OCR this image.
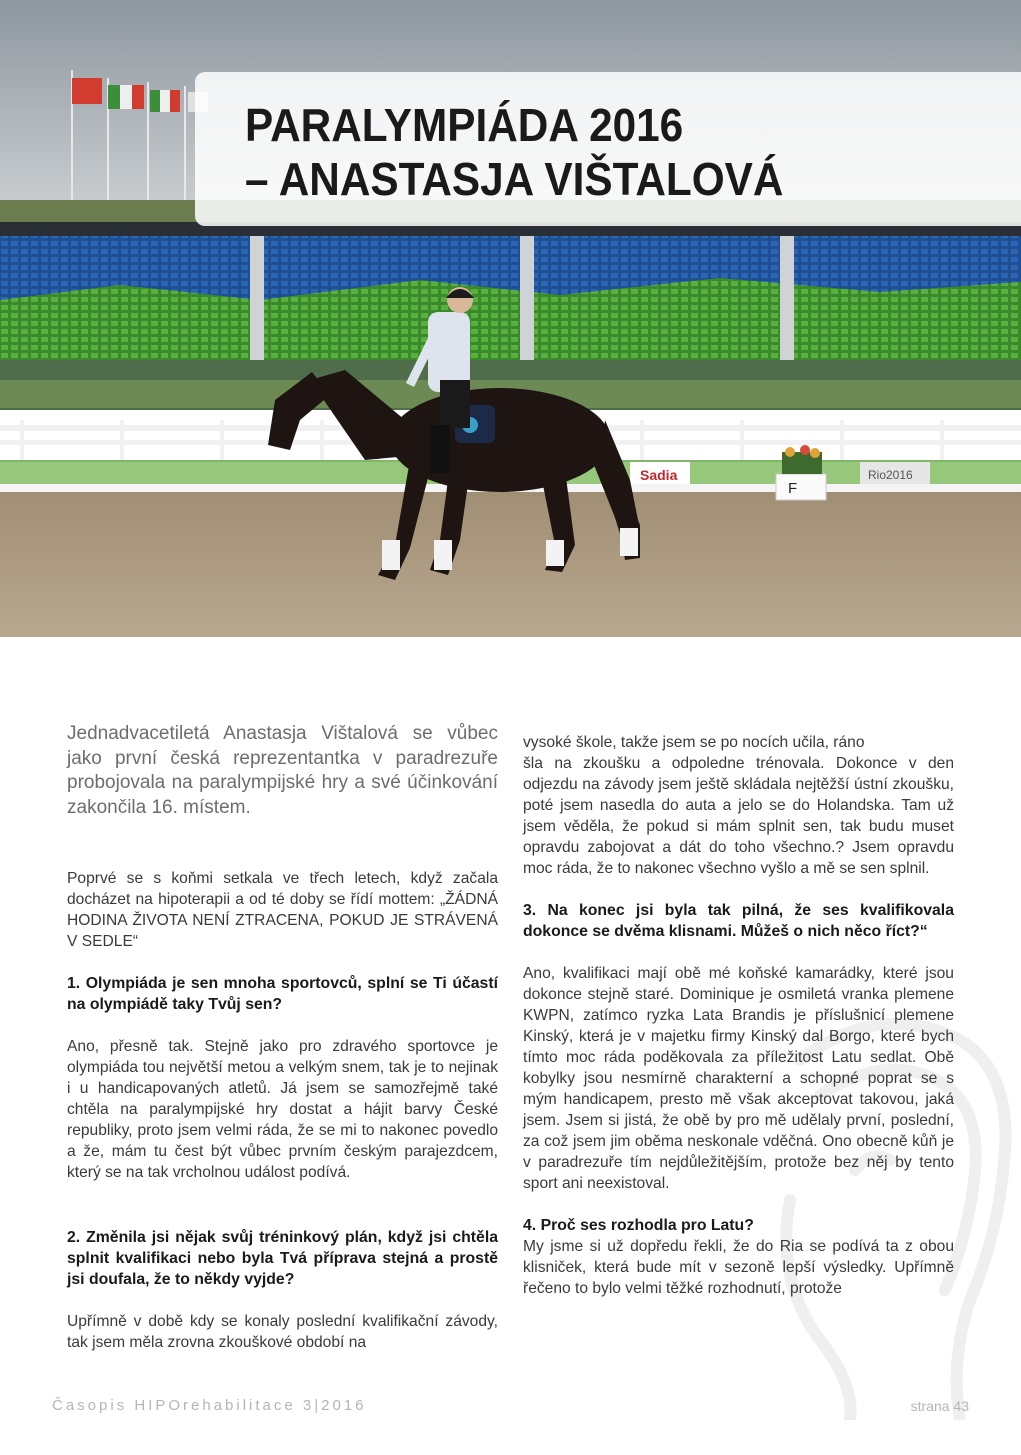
Sadia	Rio2016
F
PARALYMPIÁDA 2016
– ANASTASJA VIŠTALOVÁ

Jednadvacetiletá Anastasja Vištalová se vůbec jako první česká reprezentantka v paradrezuře probojovala na paralympijské hry a své účinkování zakončila 16. místem.

Poprvé se s koňmi setkala ve třech letech, když začala docházet na hipoterapii a od té doby se řídí mottem: „ŽÁDNÁ HODINA ŽIVOTA NENÍ ZTRACENA, POKUD JE STRÁVENÁ V SEDLE“

1. Olympiáda je sen mnoha sportovců, splní se Ti účastí na olympiádě taky Tvůj sen?

Ano, přesně tak. Stejně jako pro zdravého sportovce je olympiáda tou největší metou a velkým snem, tak je to nejinak i u handicapovaných atletů. Já jsem se samozřejmě také chtěla na paralympijské hry dostat a hájit barvy České republiky, proto jsem velmi ráda, že se mi to nakonec povedlo a že, mám tu čest být vůbec prvním českým parajezdcem, který se na tak vrcholnou událost podívá.

2. Změnila jsi nějak svůj tréninkový plán, když jsi chtěla splnit kvalifikaci nebo byla Tvá příprava stejná a prostě jsi doufala, že to někdy vyjde?

Upřímně v době kdy se konaly poslední kvalifikační závody, tak jsem měla zrovna zkouškové období na

vysoké škole, takže jsem se po nocích učila, ráno

šla na zkoušku a odpoledne trénovala. Dokonce v den odjezdu na závody jsem ještě skládala nejtěžší ústní zkoušku, poté jsem nasedla do auta a jelo se do Holandska. Tam už jsem věděla, že pokud si mám splnit sen, tak budu muset opravdu zabojovat a dát do toho všechno.? Jsem opravdu moc ráda, že to nakonec všechno vyšlo a mě se sen splnil.

3. Na konec jsi byla tak pilná, že ses kvalifikovala dokonce se dvěma klisnami. Můžeš o nich něco říct?“

Ano, kvalifikaci mají obě mé koňské kamarádky, které jsou dokonce stejně staré. Dominique je osmiletá vranka plemene KWPN, zatímco ryzka Lata Brandis je příslušnicí plemene Kinský, která je v majetku firmy Kinský dal Borgo, které bych tímto moc ráda poděkovala za příležitost Latu sedlat. Obě kobylky jsou nesmírně charakterní a schopné poprat se s mým handicapem, presto mě však akceptovat takovou, jaká jsem. Jsem si jistá, že obě by pro mě udělaly první, poslední, za což jsem jim oběma neskonale vděčná. Ono obecně kůň je v paradrezuře tím nejdůležitějším, protože bez něj by tento sport ani neexistoval.

4. Proč ses rozhodla pro Latu?

My jsme si už dopředu řekli, že do Ria se podívá ta z obou klisniček, která bude mít v sezoně lepší výsledky. Upřímně řečeno to bylo velmi těžké rozhodnutí, protože

Časopis HIPOrehabilitace 3|2016	strana 43
